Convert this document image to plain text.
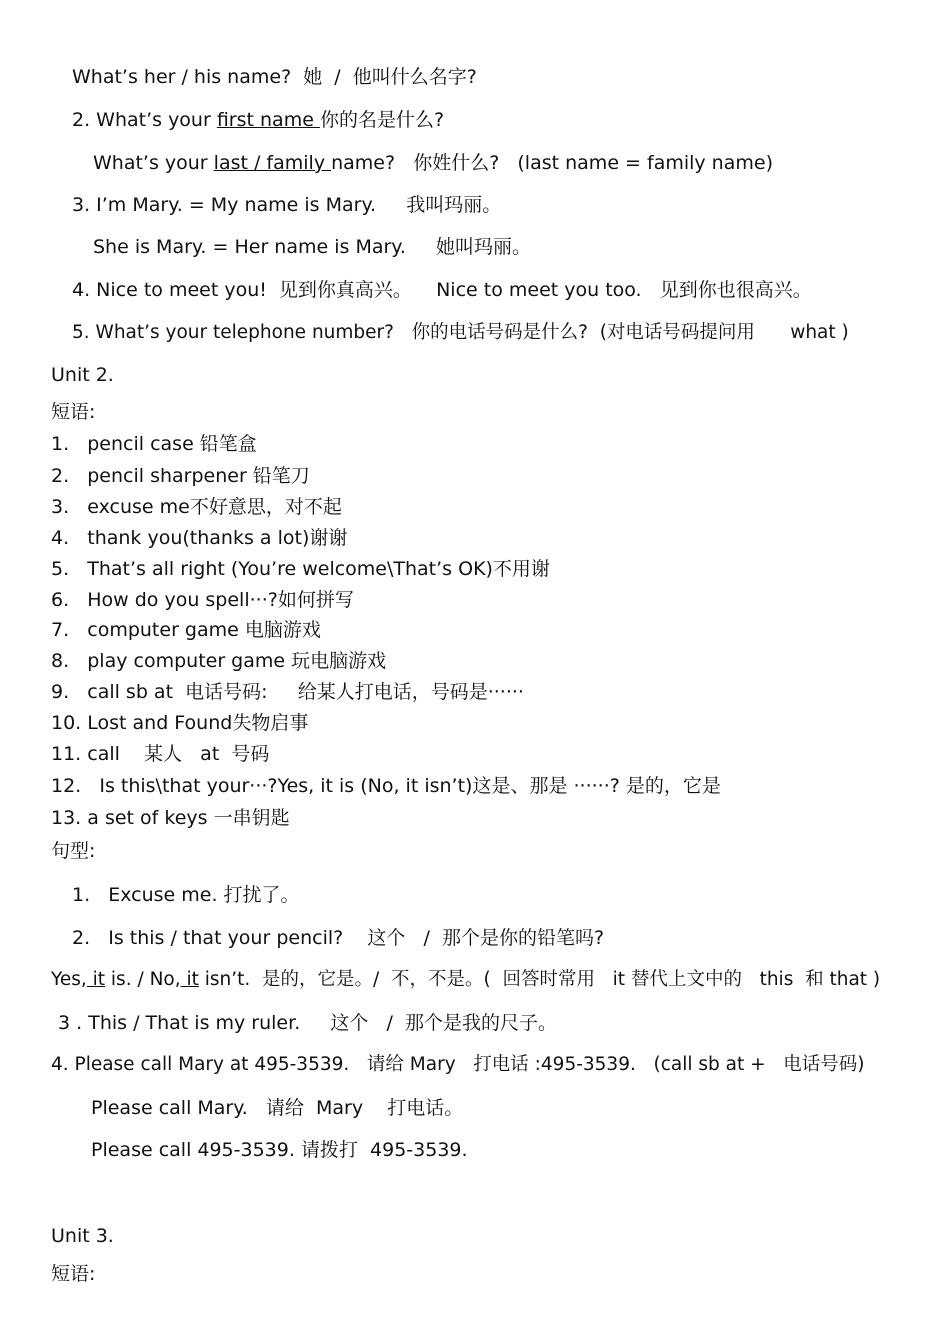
What’s her / his name?  她  /  他叫什么名字?
2. What’s your first name 你的名是什么?
What’s your last / family name?   你姓什么?   (last name = family name)
3. I’m Mary. = My name is Mary.     我叫玛丽。
She is Mary. = Her name is Mary.     她叫玛丽。
4. Nice to meet you!  见到你真高兴。    Nice to meet you too.   见到你也很高兴。
5. What’s your telephone number?   你的电话号码是什么?  (对电话号码提问用      what )
Unit 2.
短语:
1.   pencil case 铅笔盒
2.   pencil sharpener 铅笔刀
3.   excuse me不好意思，对不起
4.   thank you(thanks a lot)谢谢
5.   That’s all right (You’re welcome\That’s OK)不用谢
6.   How do you spell···?如何拼写
7.   computer game 电脑游戏
8.   play computer game 玩电脑游戏
9.   call sb at  电话号码:     给某人打电话，号码是······
10. Lost and Found失物启事
11. call    某人   at  号码
12.   Is this\that your···?Yes, it is (No, it isn’t)这是、那是 ······? 是的，它是
13. a set of keys 一串钥匙
句型:
1.   Excuse me. 打扰了。
2.   Is this / that your pencil?    这个   /  那个是你的铅笔吗?
Yes, it is. / No, it isn’t.  是的，它是。/  不，不是。(  回答时常用   it 替代上文中的   this  和 that )
3 . This / That is my ruler.     这个   /  那个是我的尺子。
4. Please call Mary at 495-3539.   请给 Mary   打电话 :495-3539.   (call sb at +   电话号码)
Please call Mary.   请给  Mary    打电话。
Please call 495-3539. 请拨打  495-3539.
Unit 3.
短语:
